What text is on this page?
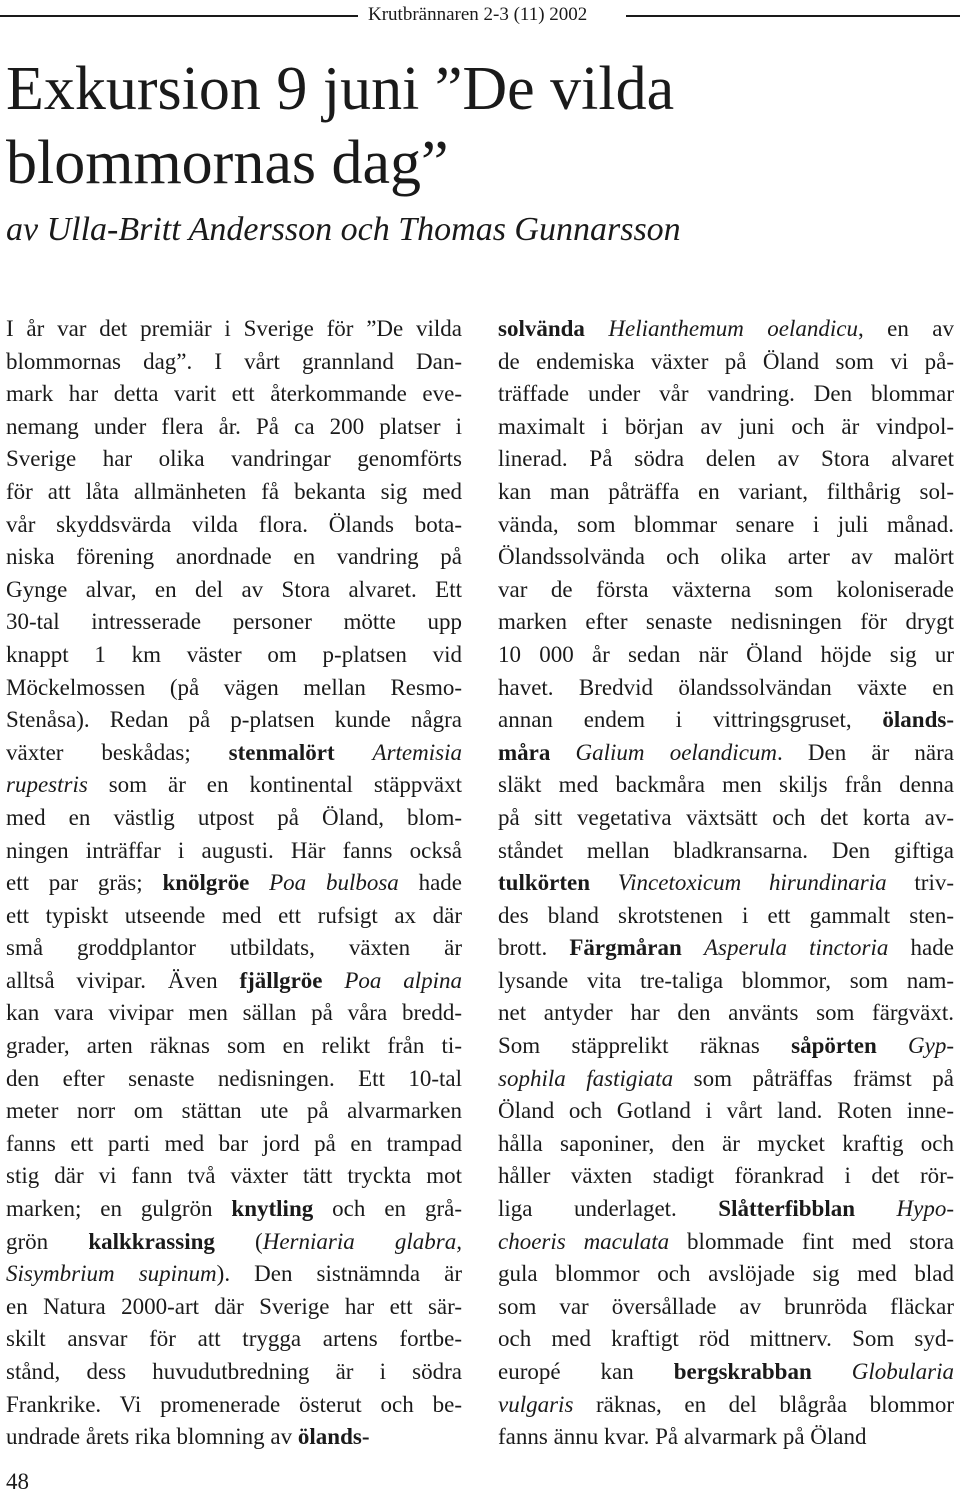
Krutbrännaren 2-3 (11) 2002
Exkursion 9 juni ”De vilda
blommornas dag”

av Ulla-Britt Andersson och Thomas Gunnarsson

I år var det premiär i Sverige för ”De vilda
blommornas dag”. I vårt grannland Dan-
mark har detta varit ett återkommande eve-
nemang under flera år. På ca 200 platser i
Sverige har olika vandringar genomförts
för att låta allmänheten få bekanta sig med
vår skyddsvärda vilda flora. Ölands bota-
niska förening anordnade en vandring på
Gynge alvar, en del av Stora alvaret. Ett
30-tal intresserade personer mötte upp
knappt 1 km väster om p-platsen vid
Möckelmossen (på vägen mellan Resmo-
Stenåsa). Redan på p-platsen kunde några
växter beskådas; stenmalört Artemisia
rupestris som är en kontinental stäppväxt
med en västlig utpost på Öland, blom-
ningen inträffar i augusti. Här fanns också
ett par gräs; knölgröe Poa bulbosa hade
ett typiskt utseende med ett rufsigt ax där
små groddplantor utbildats, växten är
alltså vivipar. Även fjällgröe Poa alpina
kan vara vivipar men sällan på våra bredd-
grader, arten räknas som en relikt från ti-
den efter senaste nedisningen. Ett 10-tal
meter norr om stättan ute på alvarmarken
fanns ett parti med bar jord på en trampad
stig där vi fann två växter tätt tryckta mot
marken; en gulgrön knytling och en grå-
grön kalkkrassing (Herniaria glabra,
Sisymbrium supinum). Den sistnämnda är
en Natura 2000-art där Sverige har ett sär-
skilt ansvar för att trygga artens fortbe-
stånd, dess huvudutbredning är i södra
Frankrike. Vi promenerade österut och be-
undrade årets rika blomning av ölands-
solvända Helianthemum oelandicu, en av
de endemiska växter på Öland som vi på-
träffade under vår vandring. Den blommar
maximalt i början av juni och är vindpol-
linerad. På södra delen av Stora alvaret
kan man påträffa en variant, filthårig sol-
vända, som blommar senare i juli månad.
Ölandssolvända och olika arter av malört
var de första växterna som koloniserade
marken efter senaste nedisningen för drygt
10 000 år sedan när Öland höjde sig ur
havet. Bredvid ölandssolvändan växte en
annan endem i vittringsgruset, ölands-
måra Galium oelandicum. Den är nära
släkt med backmåra men skiljs från denna
på sitt vegetativa växtsätt och det korta av-
ståndet mellan bladkransarna. Den giftiga
tulkörten Vincetoxicum hirundinaria triv-
des bland skrotstenen i ett gammalt sten-
brott. Färgmåran Asperula tinctoria hade
lysande vita tre-taliga blommor, som nam-
net antyder har den använts som färgväxt.
Som stäpprelikt räknas såpörten Gyp-
sophila fastigiata som påträffas främst på
Öland och Gotland i vårt land. Roten inne-
hålla saponiner, den är mycket kraftig och
håller växten stadigt förankrad i det rör-
liga underlaget. Slåtterfibblan Hypo-
choeris maculata blommade fint med stora
gula blommor och avslöjade sig med blad
som var översållade av brunröda fläckar
och med kraftigt röd mittnerv. Som syd-
europé kan bergskrabban Globularia
vulgaris räknas, en del blågråa blommor
fanns ännu kvar. På alvarmark på Öland
48
